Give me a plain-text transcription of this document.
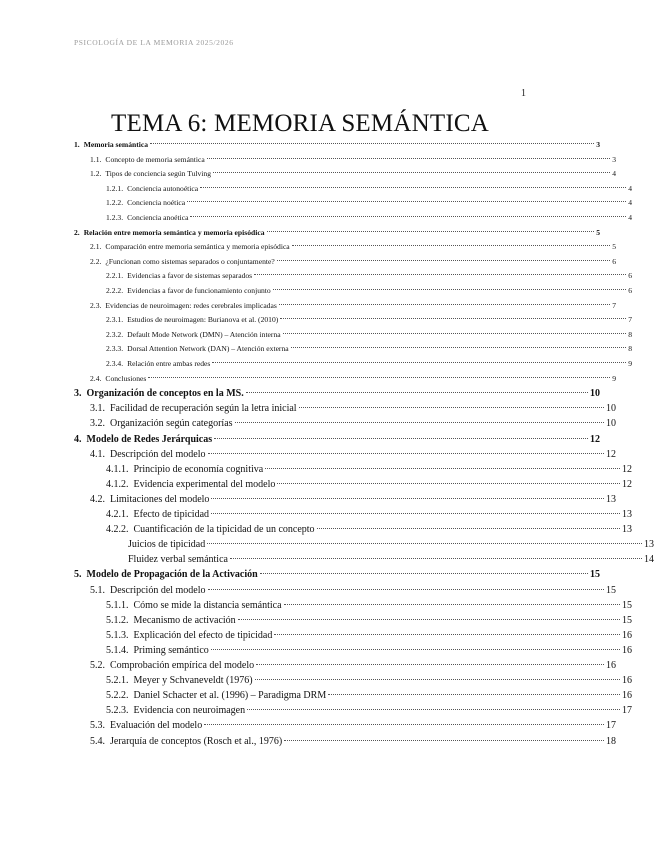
PSICOLOGÍA DE LA MEMORIA 2025/2026
1
TEMA 6: MEMORIA SEMÁNTICA
1. Memoria semántica	3
1.1. Concepto de memoria semántica	3
1.2. Tipos de conciencia según Tulving	4
1.2.1. Conciencia autonoética	4
1.2.2. Conciencia noética	4
1.2.3. Conciencia anoética	4
2. Relación entre memoria semántica y memoria episódica	5
2.1. Comparación entre memoria semántica y memoria episódica	5
2.2. ¿Funcionan como sistemas separados o conjuntamente?	6
2.2.1. Evidencias a favor de sistemas separados	6
2.2.2. Evidencias a favor de funcionamiento conjunto	6
2.3. Evidencias de neuroimagen: redes cerebrales implicadas	7
2.3.1. Estudios de neuroimagen: Burianova et al. (2010)	7
2.3.2. Default Mode Network (DMN) – Atención interna	8
2.3.3. Dorsal Attention Network (DAN) – Atención externa	8
2.3.4. Relación entre ambas redes	9
2.4. Conclusiones	9
3. Organización de conceptos en la MS.	10
3.1. Facilidad de recuperación según la letra inicial	10
3.2. Organización según categorías	10
4. Modelo de Redes Jerárquicas	12
4.1. Descripción del modelo	12
4.1.1. Principio de economía cognitiva	12
4.1.2. Evidencia experimental del modelo	12
4.2. Limitaciones del modelo	13
4.2.1. Efecto de tipicidad	13
4.2.2. Cuantificación de la tipicidad de un concepto	13
Juicios de tipicidad	13
Fluidez verbal semántica	14
5. Modelo de Propagación de la Activación	15
5.1. Descripción del modelo	15
5.1.1. Cómo se mide la distancia semántica	15
5.1.2. Mecanismo de activación	15
5.1.3. Explicación del efecto de tipicidad	16
5.1.4. Priming semántico	16
5.2. Comprobación empírica del modelo	16
5.2.1. Meyer y Schvaneveldt (1976)	16
5.2.2. Daniel Schacter et al. (1996) – Paradigma DRM	16
5.2.3. Evidencia con neuroimagen	17
5.3. Evaluación del modelo	17
5.4. Jerarquía de conceptos (Rosch et al., 1976)	18
